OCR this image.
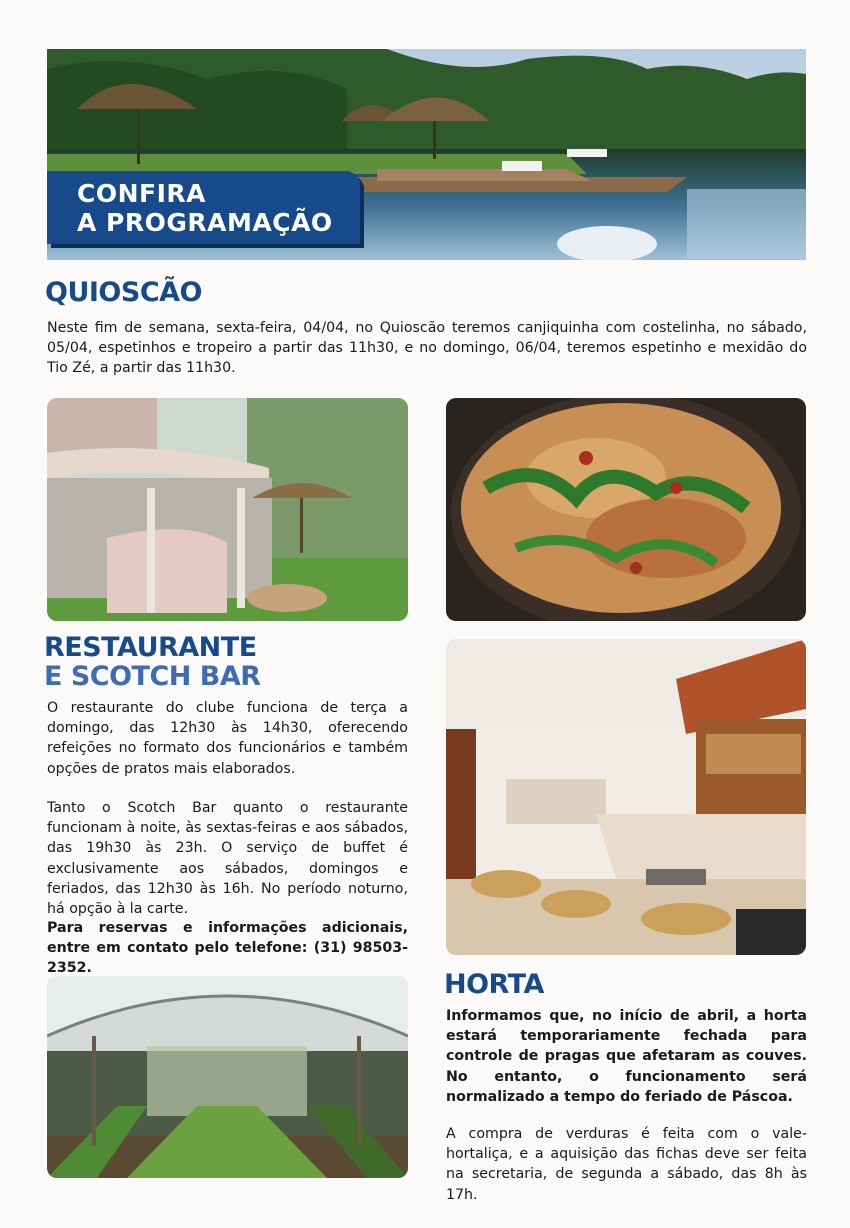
CONFIRA
A PROGRAMAÇÃO
QUIOSCÃO

Neste fim de semana, sexta-feira, 04/04, no Quioscão teremos canjiquinha com costelinha, no sábado, 05/04, espetinhos e tropeiro a partir das 11h30, e no domingo, 06/04, teremos espetinho e mexidão do Tio Zé, a partir das 11h30.

RESTAURANTE
E SCOTCH BAR

O restaurante do clube funciona de terça a domingo, das 12h30 às 14h30, oferecendo refeições no formato dos funcionários e também opções de pratos mais elaborados.

Tanto o Scotch Bar quanto o restaurante funcionam à noite, às sextas-feiras e aos sábados, das 19h30 às 23h. O serviço de buffet é exclusivamente aos sábados, domingos e feriados, das 12h30 às 16h. No período noturno, há opção à la carte.

Para reservas e informações adicionais, entre em contato pelo telefone: (31) 98503-2352.

HORTA

Informamos que, no início de abril, a horta estará temporariamente fechada para controle de pragas que afetaram as couves. No entanto, o funcionamento será normalizado a tempo do feriado de Páscoa.

A compra de verduras é feita com o vale-hortaliça, e a aquisição das fichas deve ser feita na secretaria, de segunda a sábado, das 8h às 17h.
